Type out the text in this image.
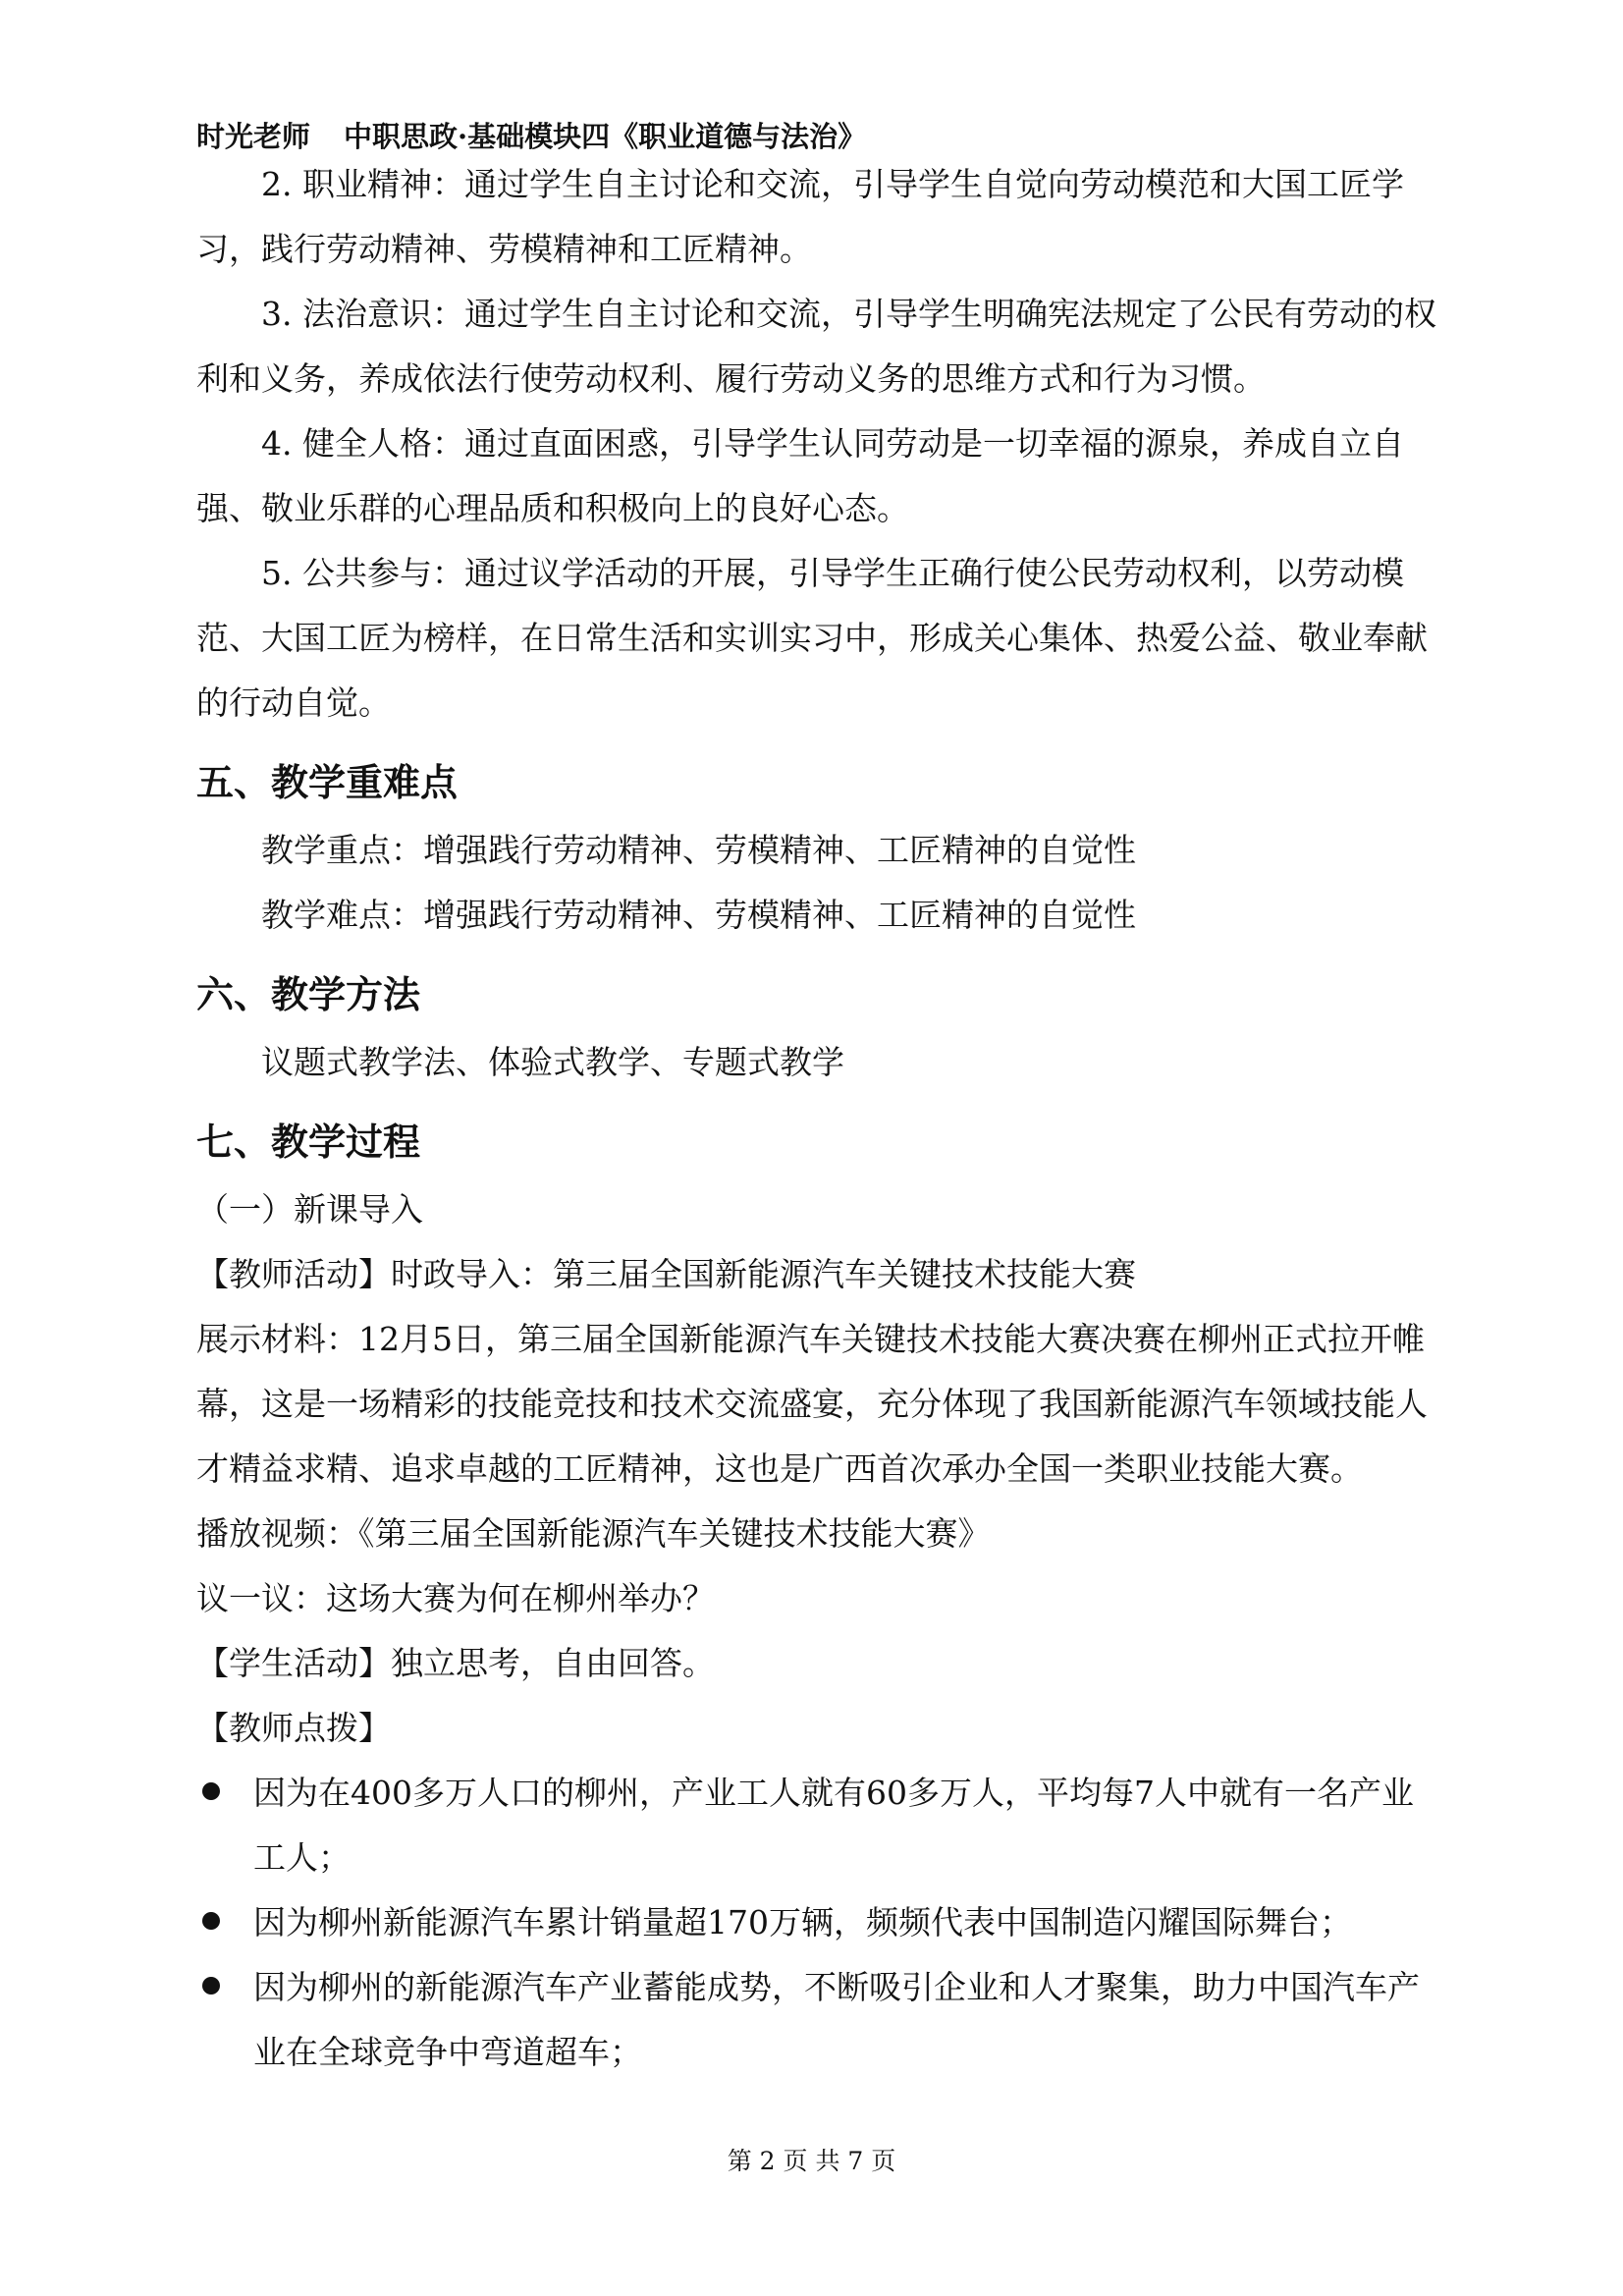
时光老师 中职思政·基础模块四《职业道德与法治》

2. 职业精神：通过学生自主讨论和交流，引导学生自觉向劳动模范和大国工匠学习，践行劳动精神、劳模精神和工匠精神。

3. 法治意识：通过学生自主讨论和交流，引导学生明确宪法规定了公民有劳动的权利和义务，养成依法行使劳动权利、履行劳动义务的思维方式和行为习惯。

4. 健全人格：通过直面困惑，引导学生认同劳动是一切幸福的源泉，养成自立自强、敬业乐群的心理品质和积极向上的良好心态。

5. 公共参与：通过议学活动的开展，引导学生正确行使公民劳动权利，以劳动模范、大国工匠为榜样，在日常生活和实训实习中，形成关心集体、热爱公益、敬业奉献的行动自觉。

五、教学重难点

教学重点：增强践行劳动精神、劳模精神、工匠精神的自觉性

教学难点：增强践行劳动精神、劳模精神、工匠精神的自觉性

六、教学方法

议题式教学法、体验式教学、专题式教学

七、教学过程

（一）新课导入

【教师活动】时政导入：第三届全国新能源汽车关键技术技能大赛

展示材料：12月5日，第三届全国新能源汽车关键技术技能大赛决赛在柳州正式拉开帷幕，这是一场精彩的技能竞技和技术交流盛宴，充分体现了我国新能源汽车领域技能人才精益求精、追求卓越的工匠精神，这也是广西首次承办全国一类职业技能大赛。

播放视频：《第三届全国新能源汽车关键技术技能大赛》

议一议：这场大赛为何在柳州举办？

【学生活动】独立思考，自由回答。

【教师点拨】

因为在400多万人口的柳州，产业工人就有60多万人，平均每7人中就有一名产业工人；
因为柳州新能源汽车累计销量超170万辆，频频代表中国制造闪耀国际舞台；
因为柳州的新能源汽车产业蓄能成势，不断吸引企业和人才聚集，助力中国汽车产业在全球竞争中弯道超车；
第 2 页 共 7 页
